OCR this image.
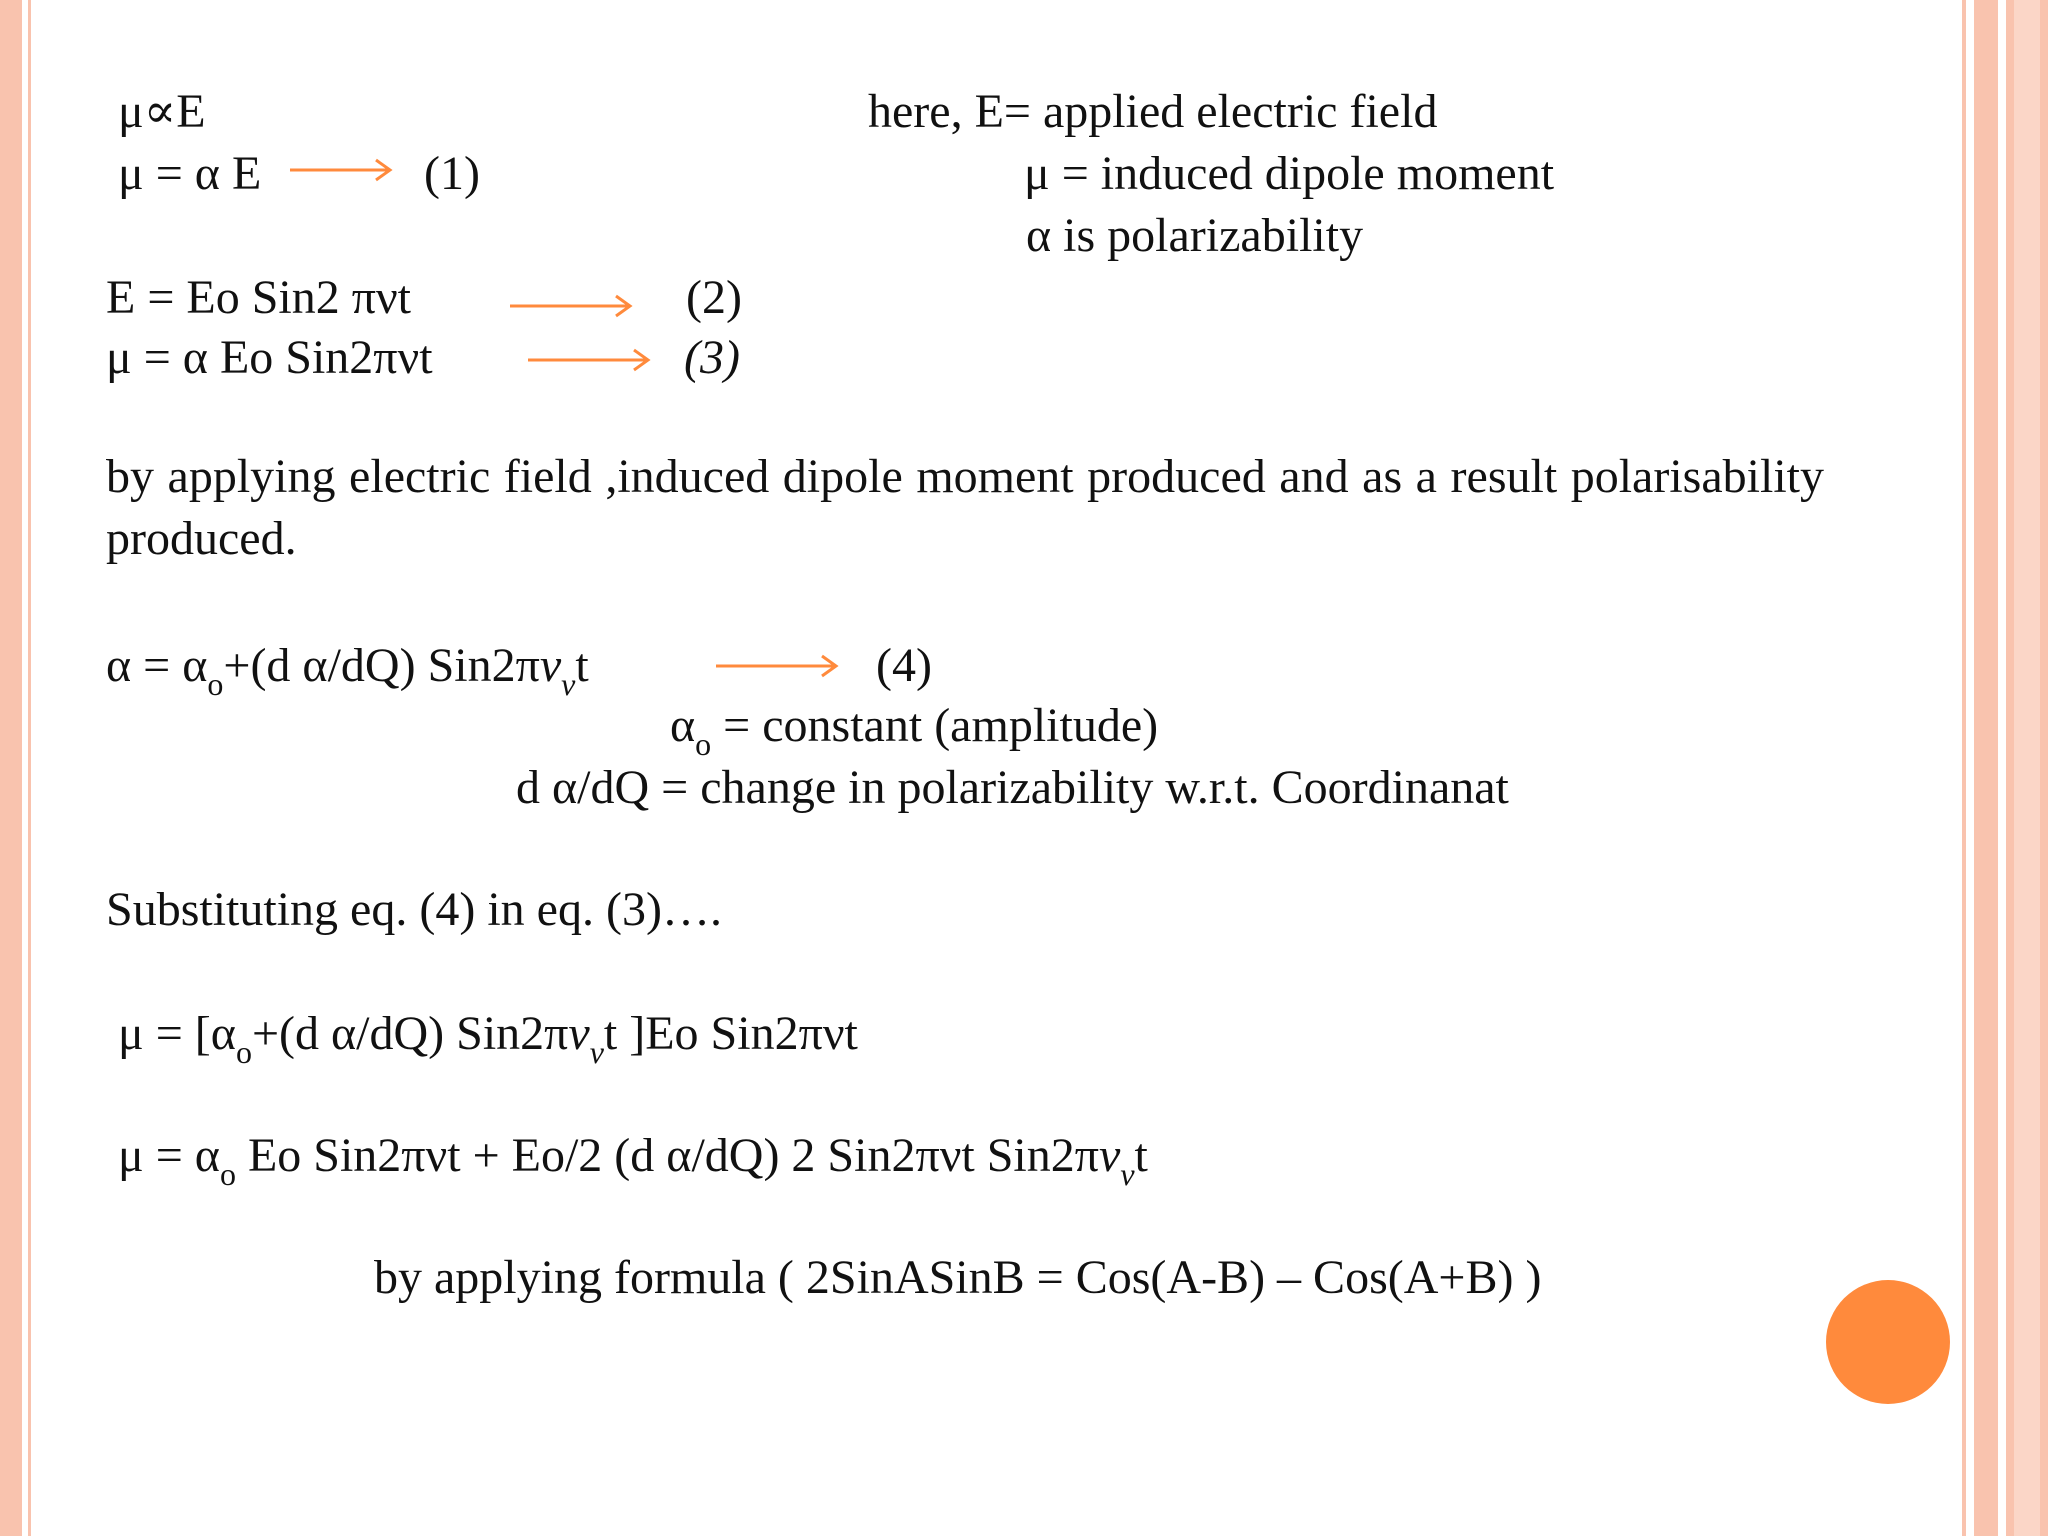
μ∝E	here, E= applied electric field
μ = α E	(1)	μ = induced dipole moment
α is polarizability
E = Eo Sin2 πνt	(2)
μ = α Eo Sin2πνt	(3)
by applying electric field ,induced dipole moment produced and as a result polarisability produced.
$\alpha = \alpha_o+(d$ α/dQ) $Sin2\pi\nu_\nu t$	(4)
$\alpha_o$ = constant (amplitude)
d α/dQ = change in polarizability w.r.t. Coordinanat
Substituting eq. (4) in eq. (3)….
$\mu = [\alpha_o+(d$ α/dQ) $Sin2\pi\nu_\nu t$ ]Eo Sin2πνt
$\mu = \alpha_o$ Eo Sin2πνt + Eo/2 (d α/dQ) 2 Sin2πνt $Sin2\pi\nu_\nu t$
by applying formula ( 2SinASinB = Cos(A-B) – Cos(A+B) )
